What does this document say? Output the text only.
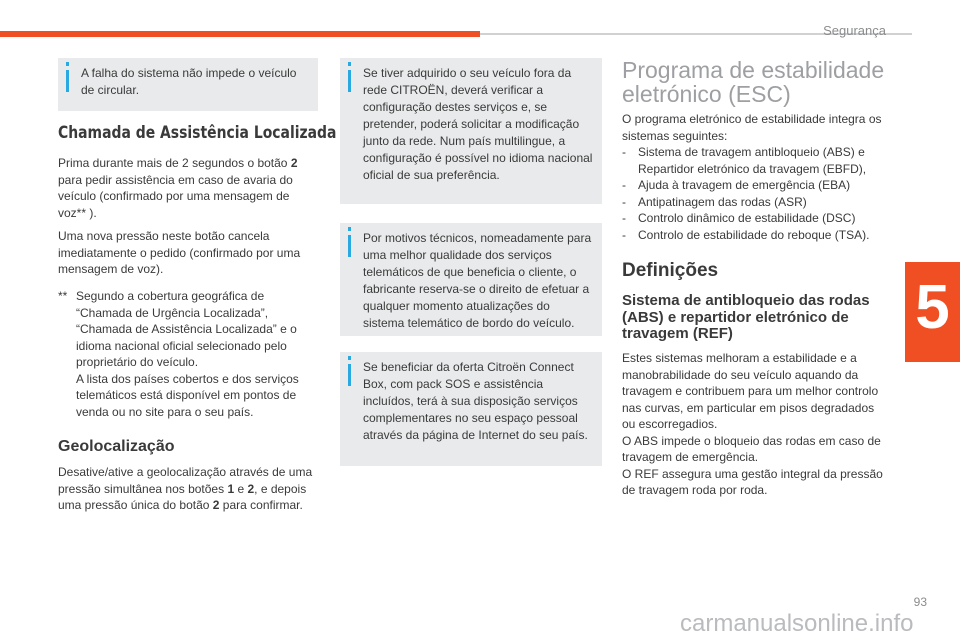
Segurança
5

A falha do sistema não impede o veículo de circular.

Chamada de Assistência Localizada

Prima durante mais de 2 segundos o botão 2 para pedir assistência em caso de avaria do veículo (confirmado por uma mensagem de voz** ).

Uma nova pressão neste botão cancela imediatamente o pedido (confirmado por uma mensagem de voz).

** Segundo a cobertura geográfica de “Chamada de Urgência Localizada”, “Chamada de Assistência Localizada” e o idioma nacional oficial selecionado pelo proprietário do veículo.
A lista dos países cobertos e dos serviços telemáticos está disponível em pontos de venda ou no site para o seu país.
Geolocalização

Desative/ative a geolocalização através de uma pressão simultânea nos botões 1 e 2, e depois uma pressão única do botão 2 para confirmar.

Se tiver adquirido o seu veículo fora da rede CITROËN, deverá verificar a configuração destes serviços e, se pretender, poderá solicitar a modificação junto da rede. Num país multilingue, a configuração é possível no idioma nacional oficial de sua preferência.

Por motivos técnicos, nomeadamente para uma melhor qualidade dos serviços telemáticos de que beneficia o cliente, o fabricante reserva-se o direito de efetuar a qualquer momento atualizações do sistema telemático de bordo do veículo.

Se beneficiar da oferta Citroën Connect Box, com pack SOS e assistência incluídos, terá à sua disposição serviços complementares no seu espaço pessoal através da página de Internet do seu país.

Programa de estabilidade eletrónico (ESC)

O programa eletrónico de estabilidade integra os sistemas seguintes:

- Sistema de travagem antibloqueio (ABS) e Repartidor eletrónico da travagem (EBFD),
- Ajuda à travagem de emergência (EBA)
- Antipatinagem das rodas (ASR)
- Controlo dinâmico de estabilidade (DSC)
- Controlo de estabilidade do reboque (TSA).
Definições
Sistema de antibloqueio das rodas (ABS) e repartidor eletrónico de travagem (REF)

Estes sistemas melhoram a estabilidade e a manobrabilidade do seu veículo aquando da travagem e contribuem para um melhor controlo nas curvas, em particular em pisos degradados ou escorregadios.

O ABS impede o bloqueio das rodas em caso de travagem de emergência.

O REF assegura uma gestão integral da pressão de travagem roda por roda.

93
carmanualsonline.info
